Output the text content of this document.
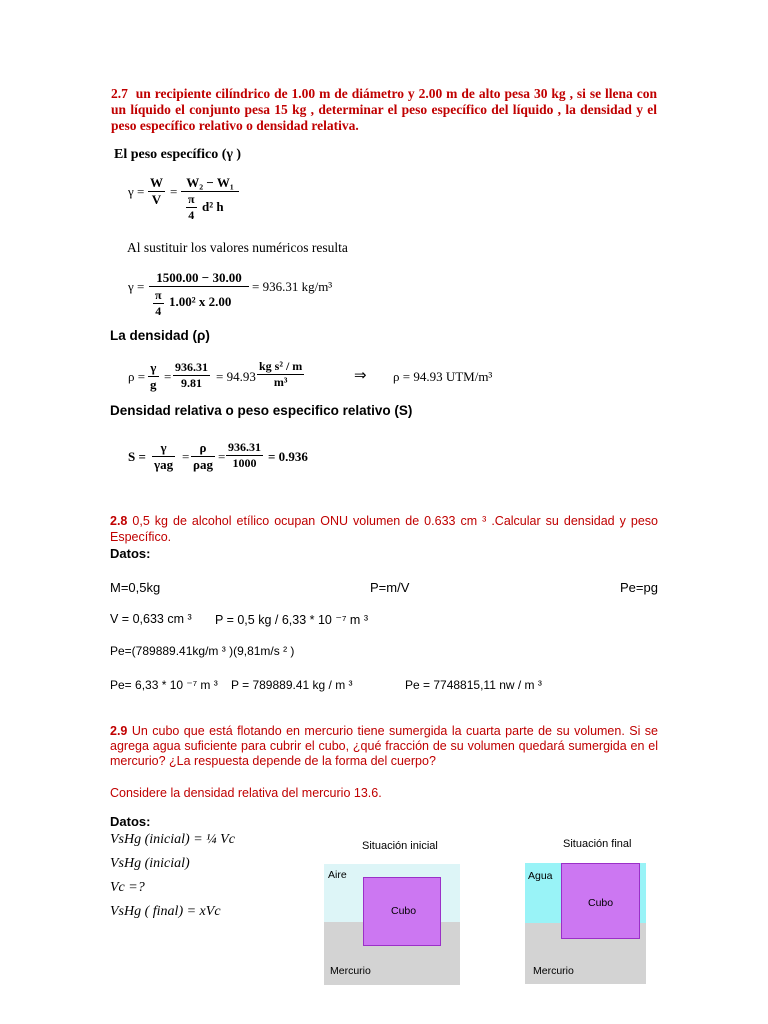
2.7 un recipiente cilíndrico de 1.00 m de diámetro y 2.00 m de alto pesa 30 kg , si se llena con un líquido el conjunto pesa 15 kg , determinar el peso específico del líquido , la densidad y el peso específico relativo o densidad relativa.
El peso específico (γ )
$\gamma = \frac{W}{V}$ =
W₂ − W₁
$\frac{\pi}{4} d^2$ h
Al sustituir los valores numéricos resulta
γ =
1500.00 − 30.00
$\frac{\pi}{4} 1.00^2$ x 2.00
= 936.31 kg/m³
La densidad (ρ)
$\rho = \frac{\gamma}{g} = \frac{936.31}{9.81} = 94.93 \frac{\text{kg s² / m}}{\text{m³}}$	⇒ ρ = 94.93 UTM/m³
Densidad relativa o peso especifico relativo (S)
S =
γ
γag
=
ρ
ρag
= $\frac{936.31}{1000} = 0.936$
2.8 0,5 kg de alcohol etílico ocupan ONU volumen de 0.633 cm ³ .Calcular su densidad y peso Específico.
Datos:
M=0,5kg	P=m/V	Pe=pg
V = 0,633 cm ³ P = 0,5 kg / 6,33 * 10 ⁻⁷ m ³
Pe=(789889.41kg/m ³ )(9,81m/s ² )
Pe= 6,33 * 10 ⁻⁷ m ³ P = 789889.41 kg / m ³	Pe = 7748815,11 nw / m ³
2.9 Un cubo que está flotando en mercurio tiene sumergida la cuarta parte de su volumen. Si se agrega agua suficiente para cubrir el cubo, ¿qué fracción de su volumen quedará sumergida en el mercurio? ¿La respuesta depende de la forma del cuerpo?
Considere la densidad relativa del mercurio 13.6.
Datos:
VsHg (inicial) = ¼ Vc
VsHg (inicial)
Vc =?
VsHg ( final) = xVc
Situación inicial
Aire
Cubo
Mercurio
Situación final
Agua
Cubo
Mercurio
